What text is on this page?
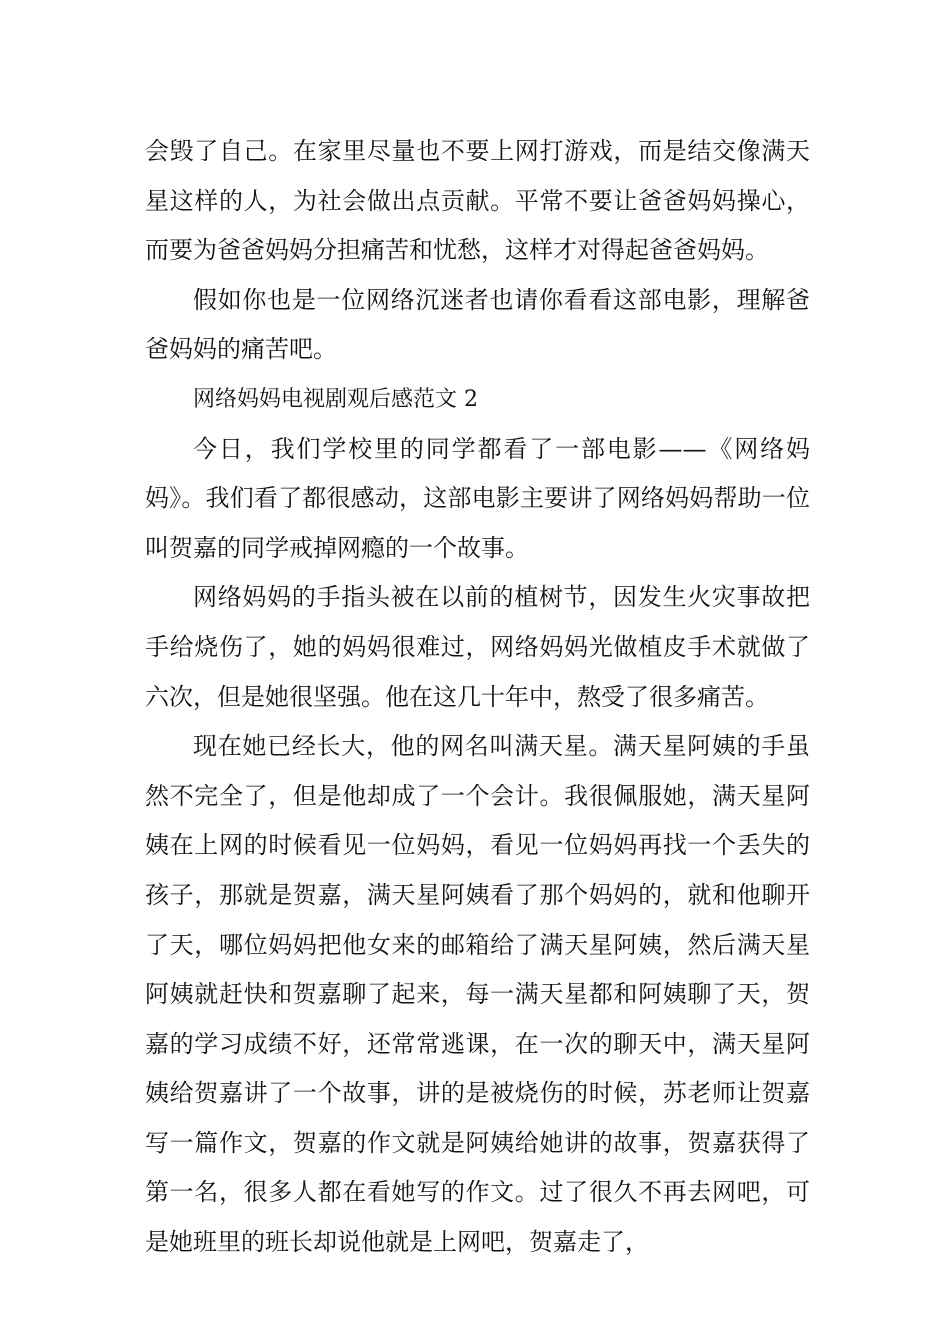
会毁了自己。在家里尽量也不要上网打游戏，而是结交像满天星这样的人，为社会做出点贡献。平常不要让爸爸妈妈操心，而要为爸爸妈妈分担痛苦和忧愁，这样才对得起爸爸妈妈。

假如你也是一位网络沉迷者也请你看看这部电影，理解爸爸妈妈的痛苦吧。

网络妈妈电视剧观后感范文 2

今日，我们学校里的同学都看了一部电影——《网络妈妈》。我们看了都很感动，这部电影主要讲了网络妈妈帮助一位叫贺嘉的同学戒掉网瘾的一个故事。

网络妈妈的手指头被在以前的植树节，因发生火灾事故把手给烧伤了，她的妈妈很难过，网络妈妈光做植皮手术就做了六次，但是她很坚强。他在这几十年中，熬受了很多痛苦。

现在她已经长大，他的网名叫满天星。满天星阿姨的手虽然不完全了，但是他却成了一个会计。我很佩服她，满天星阿姨在上网的时候看见一位妈妈，看见一位妈妈再找一个丢失的孩子，那就是贺嘉，满天星阿姨看了那个妈妈的，就和他聊开了天，哪位妈妈把他女来的邮箱给了满天星阿姨，然后满天星阿姨就赶快和贺嘉聊了起来，每一满天星都和阿姨聊了天，贺嘉的学习成绩不好，还常常逃课，在一次的聊天中，满天星阿姨给贺嘉讲了一个故事，讲的是被烧伤的时候，苏老师让贺嘉写一篇作文，贺嘉的作文就是阿姨给她讲的故事，贺嘉获得了第一名，很多人都在看她写的作文。过了很久不再去网吧，可是她班里的班长却说他就是上网吧，贺嘉走了，
